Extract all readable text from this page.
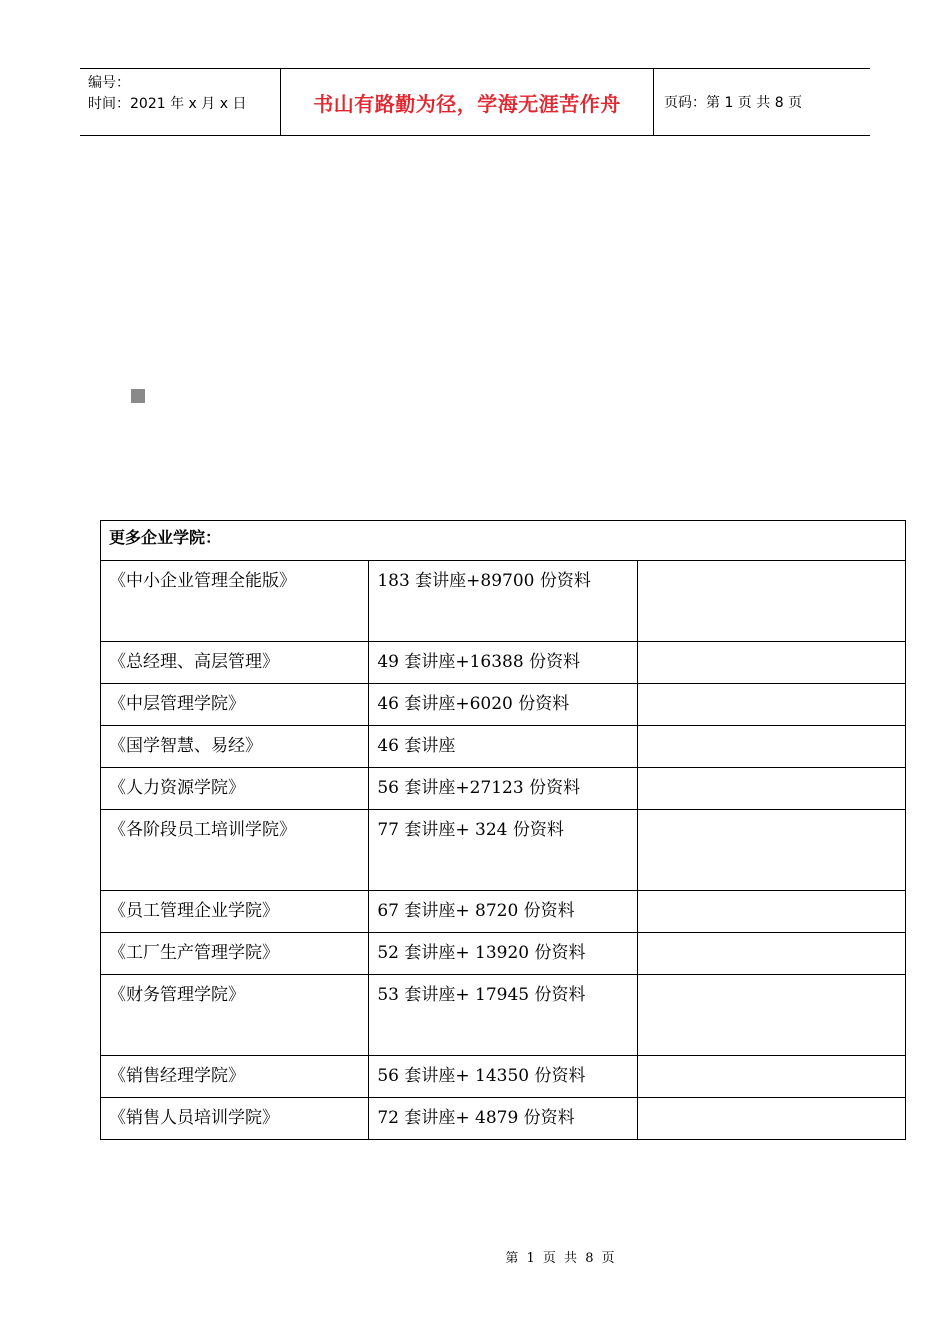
编号：
时间：2021 年 x 月 x 日	书山有路勤为径，学海无涯苦作舟	页码：第 1 页 共 8 页
更多企业学院：		
《中小企业管理全能版》	183 套讲座+89700 份资料	
《总经理、高层管理》	49 套讲座+16388 份资料	
《中层管理学院》	46 套讲座+6020 份资料	
《国学智慧、易经》	46 套讲座	
《人力资源学院》	56 套讲座+27123 份资料	
《各阶段员工培训学院》	77 套讲座+ 324 份资料	
《员工管理企业学院》	67 套讲座+ 8720 份资料	
《工厂生产管理学院》	52 套讲座+ 13920 份资料	
《财务管理学院》	53 套讲座+ 17945 份资料	
《销售经理学院》	56 套讲座+ 14350 份资料	
《销售人员培训学院》	72 套讲座+ 4879 份资料	
第 1 页 共 8 页
